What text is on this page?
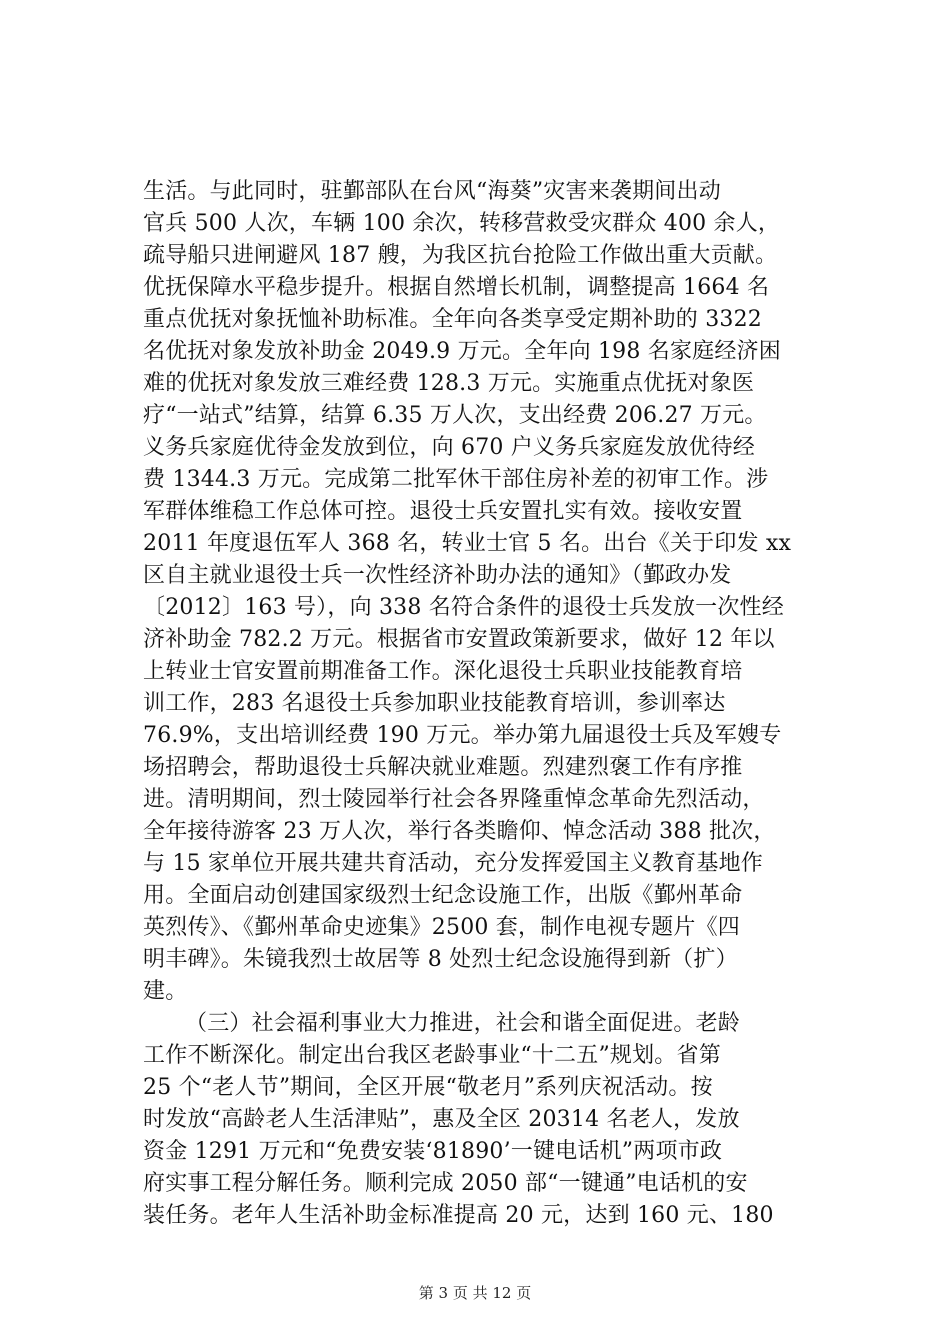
生活。与此同时，驻鄞部队在台风“海葵”灾害来袭期间出动
官兵 500 人次，车辆 100 余次，转移营救受灾群众 400 余人，
疏导船只进闸避风 187 艘，为我区抗台抢险工作做出重大贡献。
优抚保障水平稳步提升。根据自然增长机制，调整提高 1664 名
重点优抚对象抚恤补助标准。全年向各类享受定期补助的 3322
名优抚对象发放补助金 2049.9 万元。全年向 198 名家庭经济困
难的优抚对象发放三难经费 128.3 万元。实施重点优抚对象医
疗“一站式”结算，结算 6.35 万人次，支出经费 206.27 万元。
义务兵家庭优待金发放到位，向 670 户义务兵家庭发放优待经
费 1344.3 万元。完成第二批军休干部住房补差的初审工作。涉
军群体维稳工作总体可控。退役士兵安置扎实有效。接收安置
2011 年度退伍军人 368 名，转业士官 5 名。出台《关于印发 xx
区自主就业退役士兵一次性经济补助办法的通知》（鄞政办发
〔2012〕163 号），向 338 名符合条件的退役士兵发放一次性经
济补助金 782.2 万元。根据省市安置政策新要求，做好 12 年以
上转业士官安置前期准备工作。深化退役士兵职业技能教育培
训工作，283 名退役士兵参加职业技能教育培训，参训率达
76.9%，支出培训经费 190 万元。举办第九届退役士兵及军嫂专
场招聘会，帮助退役士兵解决就业难题。烈建烈褒工作有序推
进。清明期间，烈士陵园举行社会各界隆重悼念革命先烈活动，
全年接待游客 23 万人次，举行各类瞻仰、悼念活动 388 批次，
与 15 家单位开展共建共育活动，充分发挥爱国主义教育基地作
用。全面启动创建国家级烈士纪念设施工作，出版《鄞州革命
英烈传》、《鄞州革命史迹集》2500 套，制作电视专题片《四
明丰碑》。朱镜我烈士故居等 8 处烈士纪念设施得到新（扩）
建。
（三）社会福利事业大力推进，社会和谐全面促进。老龄
工作不断深化。制定出台我区老龄事业“十二五”规划。省第
25 个“老人节”期间，全区开展“敬老月”系列庆祝活动。按
时发放“高龄老人生活津贴”，惠及全区 20314 名老人，发放
资金 1291 万元和“免费安装‘81890’一键电话机”两项市政
府实事工程分解任务。顺利完成 2050 部“一键通”电话机的安
装任务。老年人生活补助金标准提高 20 元，达到 160 元、180
第 3 页 共 12 页
